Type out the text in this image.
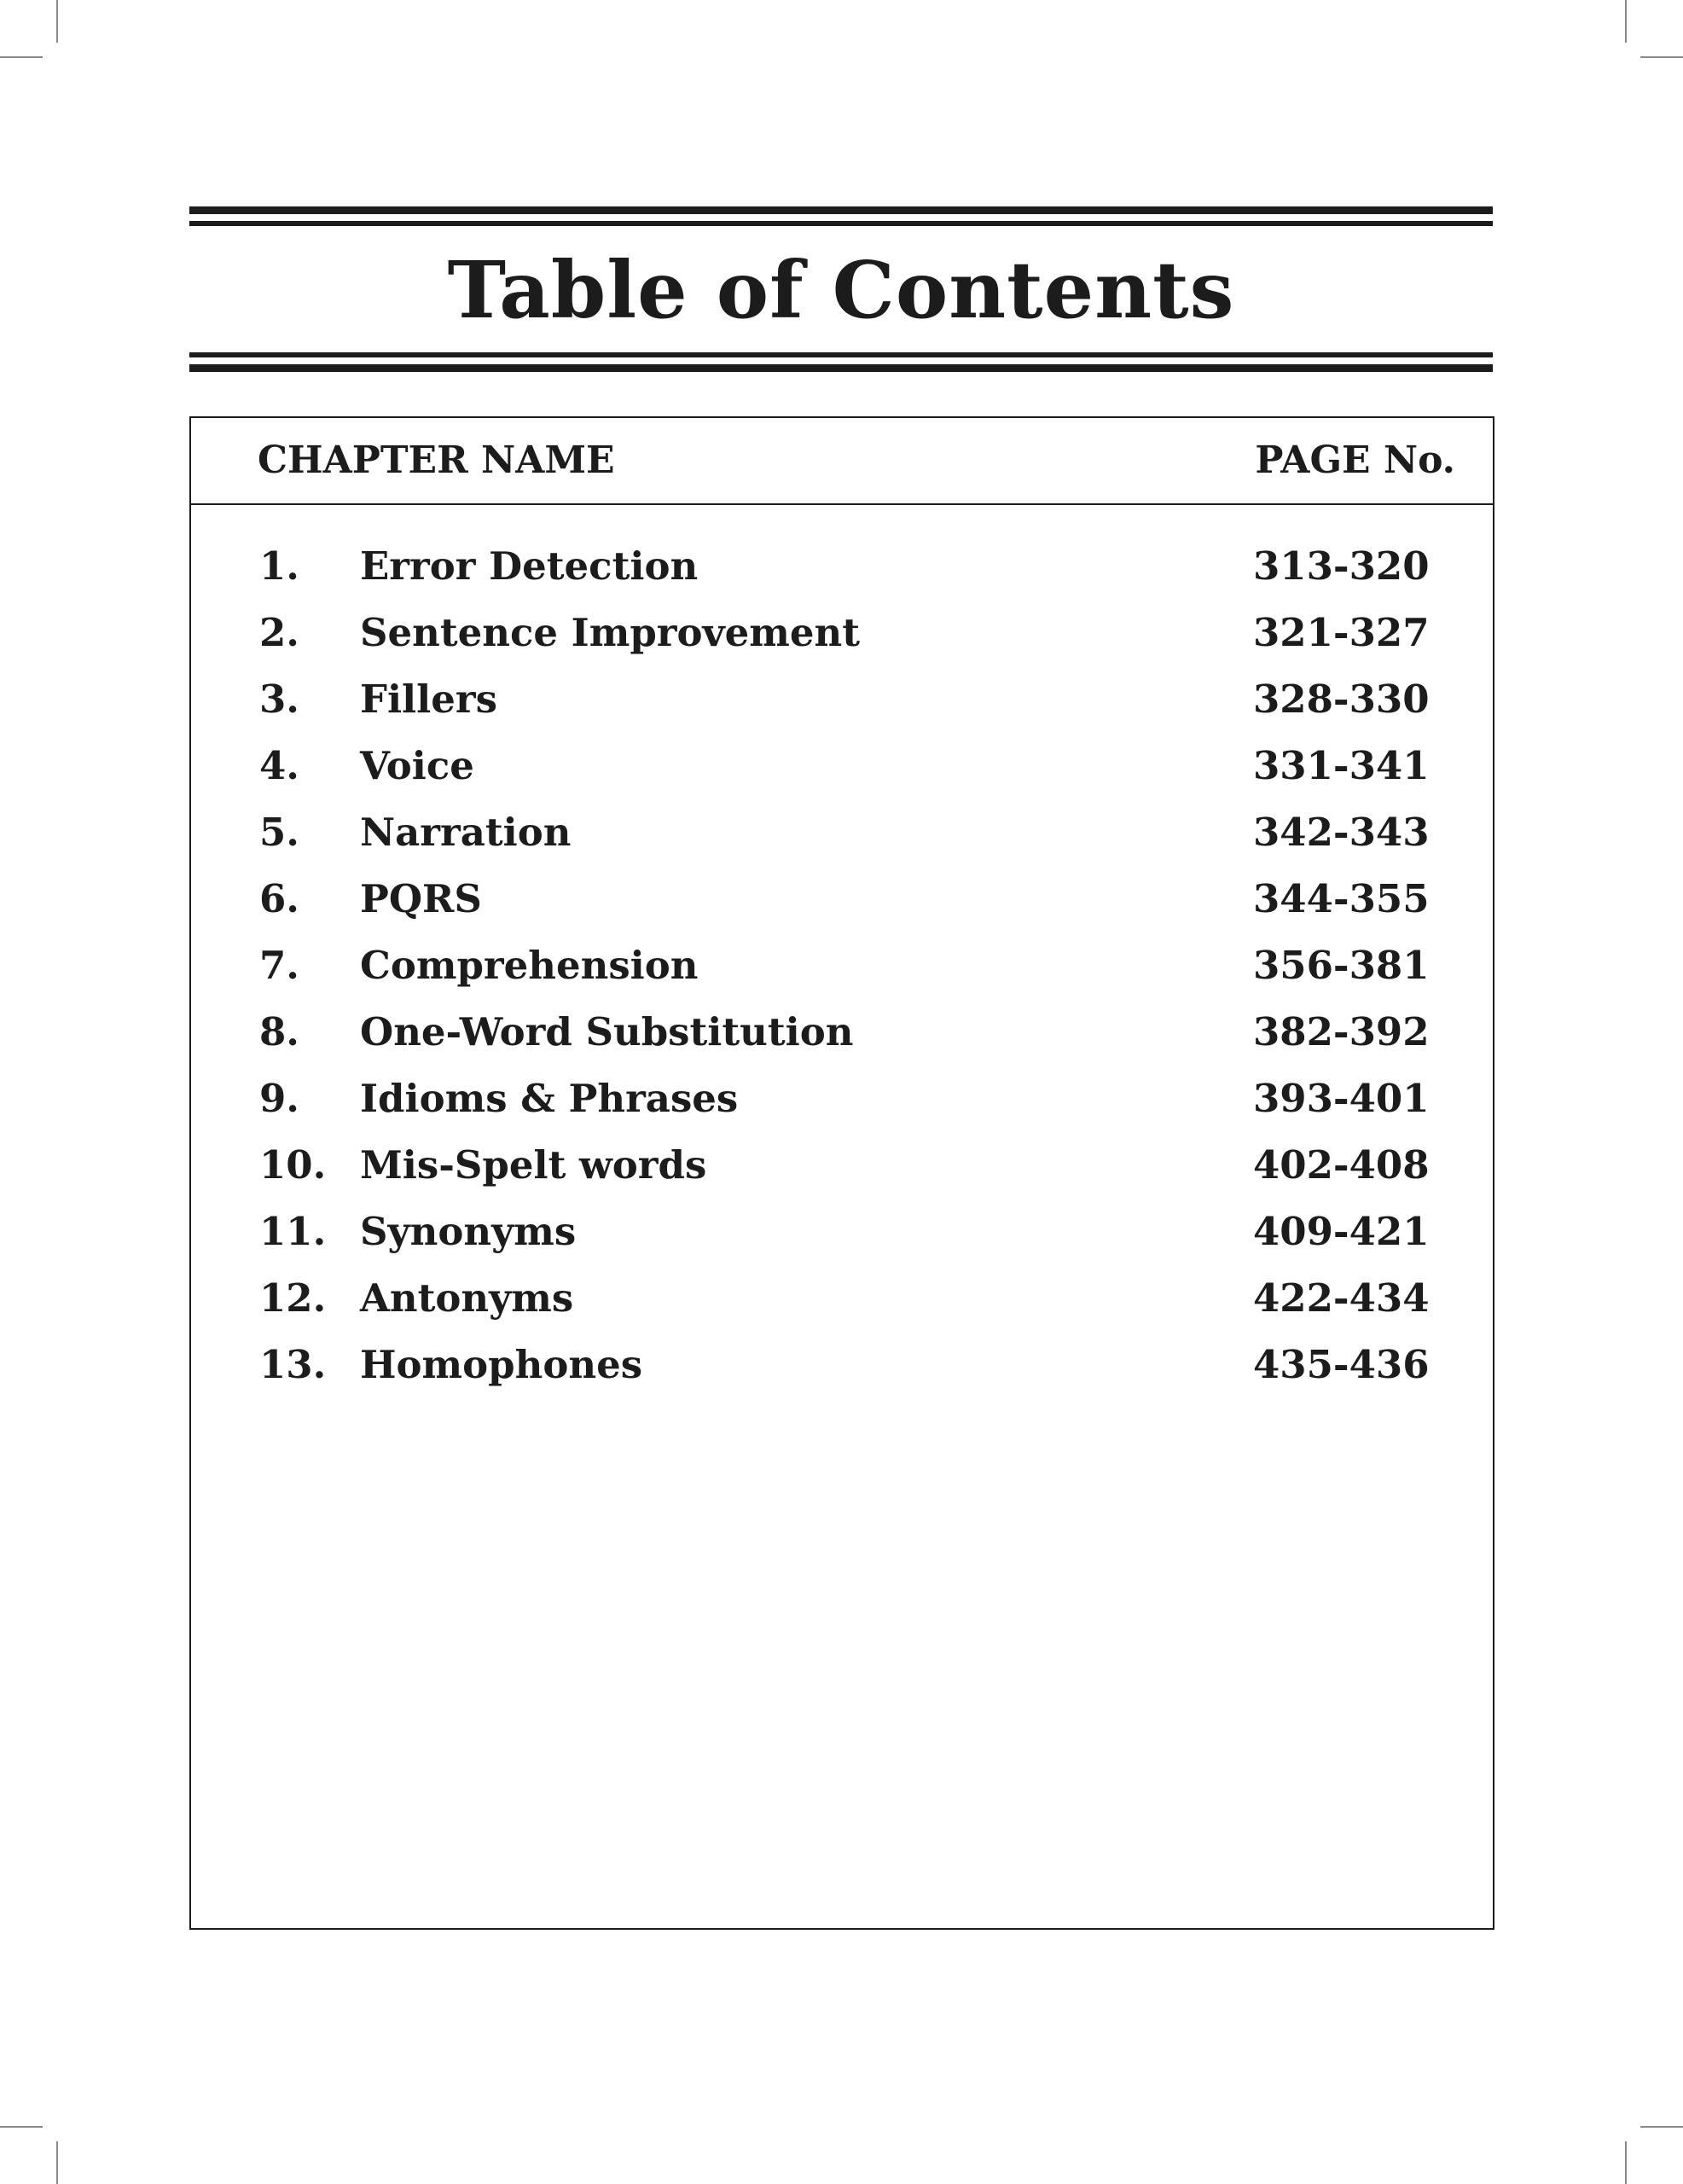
Table of Contents
CHAPTER NAME	PAGE No.
1. Error Detection	313-320
2. Sentence Improvement	321-327
3. Fillers	328-330
4. Voice	331-341
5. Narration	342-343
6. PQRS	344-355
7. Comprehension	356-381
8. One-Word Substitution	382-392
9. Idioms & Phrases	393-401
10. Mis-Spelt words	402-408
11. Synonyms	409-421
12. Antonyms	422-434
13. Homophones	435-436
